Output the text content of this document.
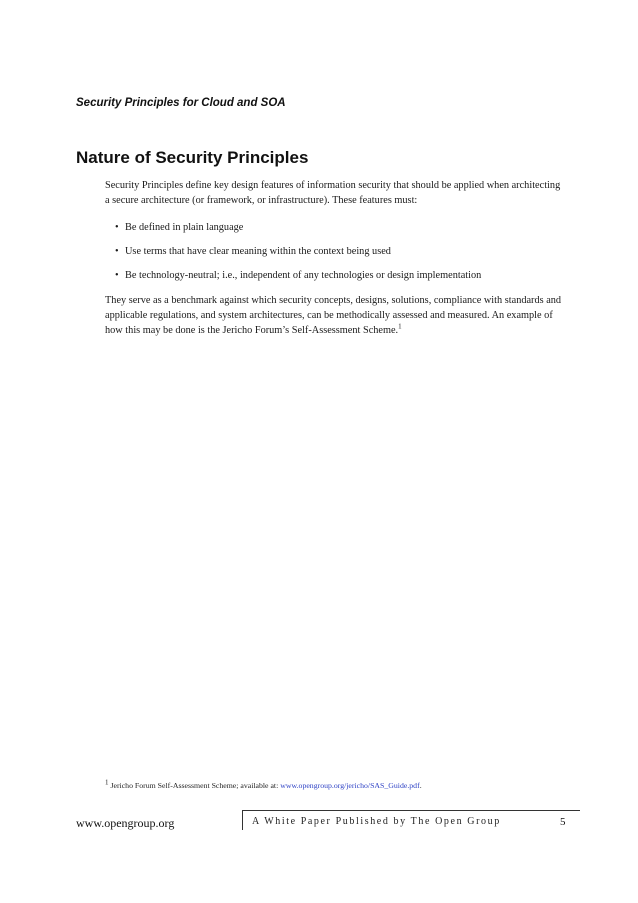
Security Principles for Cloud and SOA
Nature of Security Principles

Security Principles define key design features of information security that should be applied when architecting a secure architecture (or framework, or infrastructure). These features must:

• Be defined in plain language
• Use terms that have clear meaning within the context being used
• Be technology-neutral; i.e., independent of any technologies or design implementation

They serve as a benchmark against which security concepts, designs, solutions, compliance with standards and applicable regulations, and system architectures, can be methodically assessed and measured. An example of how this may be done is the Jericho Forum’s Self-Assessment Scheme.$^1$

$^1$ Jericho Forum Self-Assessment Scheme; available at: www.opengroup.org/jericho/SAS_Guide.pdf.
www.opengroup.org	A White Paper Published by The Open Group	5
